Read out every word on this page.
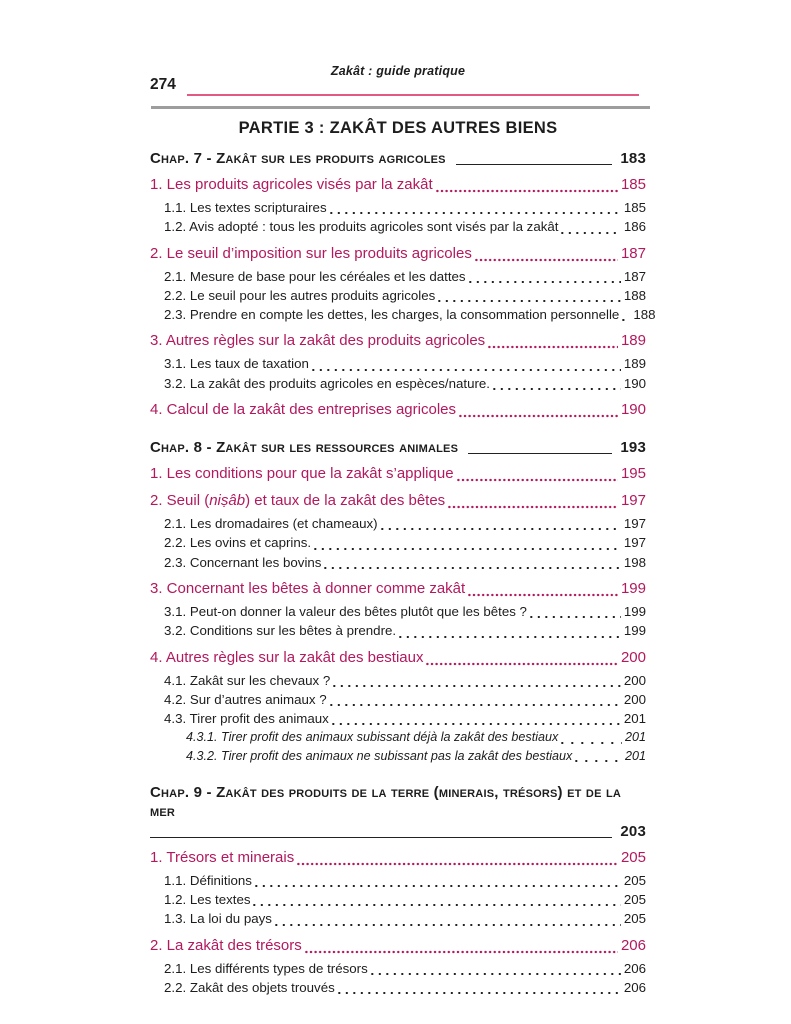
Zakât : guide pratique
274
PARTIE 3 : ZAKÂT DES AUTRES BIENS
Chap. 7 - Zakât sur les produits agricoles	183
1. Les produits agricoles visés par la zakât	185
1.1. Les textes scripturaires	185
1.2. Avis adopté : tous les produits agricoles sont visés par la zakât	186
2. Le seuil d’imposition sur les produits agricoles	187
2.1. Mesure de base pour les céréales et les dattes	187
2.2. Le seuil pour les autres produits agricoles	188
2.3. Prendre en compte les dettes, les charges, la consommation personnelle 188
3. Autres règles sur la zakât des produits agricoles	189
3.1. Les taux de taxation	189
3.2. La zakât des produits agricoles en espèces/nature.	190
4. Calcul de la zakât des entreprises agricoles	190
Chap. 8 - Zakât sur les ressources animales	193
1. Les conditions pour que la zakât s’applique	195
2. Seuil (niṣâb) et taux de la zakât des bêtes	197
2.1. Les dromadaires (et chameaux)	197
2.2. Les ovins et caprins.	197
2.3. Concernant les bovins	198
3. Concernant les bêtes à donner comme zakât	199
3.1. Peut-on donner la valeur des bêtes plutôt que les bêtes ?	199
3.2. Conditions sur les bêtes à prendre.	199
4. Autres règles sur la zakât des bestiaux	200
4.1. Zakât sur les chevaux ?	200
4.2. Sur d’autres animaux ?	200
4.3. Tirer profit des animaux	201
4.3.1. Tirer profit des animaux subissant déjà la zakât des bestiaux	201
4.3.2. Tirer profit des animaux ne subissant pas la zakât des bestiaux	201
Chap. 9 - Zakât des produits de la terre (minerais, trésors) et de la mer
203
1. Trésors et minerais	205
1.1. Définitions	205
1.2. Les textes	205
1.3. La loi du pays	205
2. La zakât des trésors	206
2.1. Les différents types de trésors	206
2.2. Zakât des objets trouvés	206
